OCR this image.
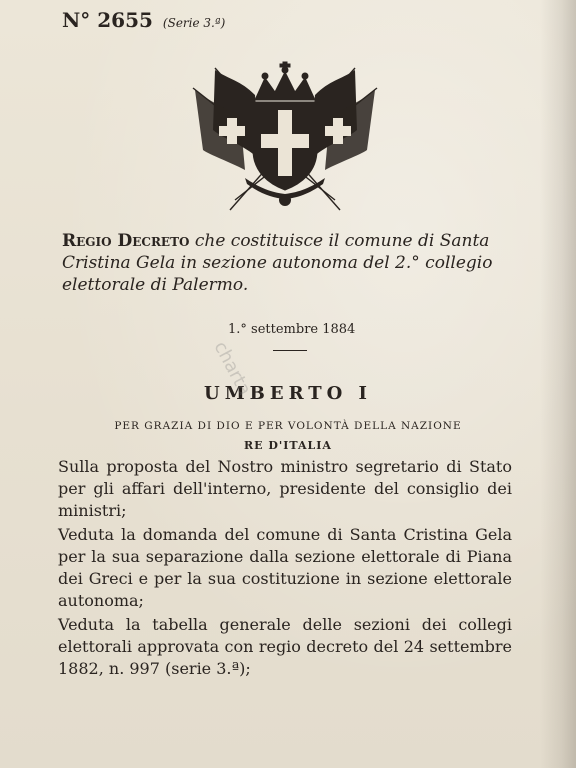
N° 2655 (Serie 3.ª)
Regio Decreto che costituisce il comune di Santa Cristina Gela in sezione autonoma del 2.° collegio elettorale di Palermo.
1.° settembre 1884
UMBERTO I
PER GRAZIA DI DIO E PER VOLONTÀ DELLA NAZIONE
RE D'ITALIA

Sulla proposta del Nostro ministro segretario di Stato per gli affari dell'interno, presidente del consiglio dei ministri;

Veduta la domanda del comune di Santa Cristina Gela per la sua separazione dalla sezione elettorale di Piana dei Greci e per la sua costituzione in sezione elettorale autonoma;

Veduta la tabella generale delle sezioni dei collegi elettorali approvata con regio decreto del 24 settembre 1882, n. 997 (serie 3.ª);

charta
